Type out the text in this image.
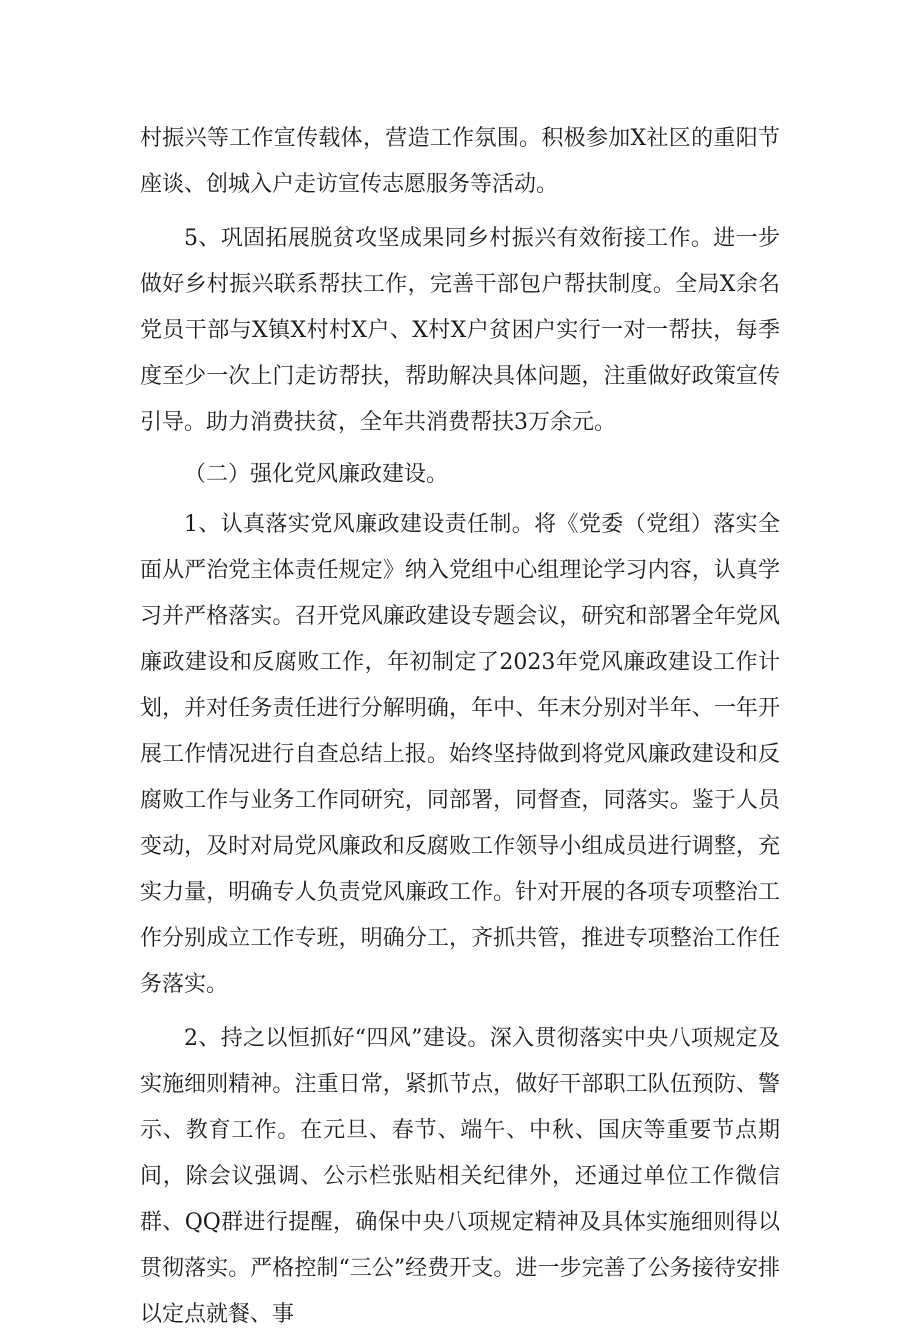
村振兴等工作宣传载体，营造工作氛围。积极参加X社区的重阳节座谈、创城入户走访宣传志愿服务等活动。

5、巩固拓展脱贫攻坚成果同乡村振兴有效衔接工作。进一步做好乡村振兴联系帮扶工作，完善干部包户帮扶制度。全局X余名党员干部与X镇X村村X户、X村X户贫困户实行一对一帮扶，每季度至少一次上门走访帮扶，帮助解决具体问题，注重做好政策宣传引导。助力消费扶贫，全年共消费帮扶3万余元。

（二）强化党风廉政建设。

1、认真落实党风廉政建设责任制。将《党委（党组）落实全面从严治党主体责任规定》纳入党组中心组理论学习内容，认真学习并严格落实。召开党风廉政建设专题会议，研究和部署全年党风廉政建设和反腐败工作，年初制定了2023年党风廉政建设工作计划，并对任务责任进行分解明确，年中、年末分别对半年、一年开展工作情况进行自查总结上报。始终坚持做到将党风廉政建设和反腐败工作与业务工作同研究，同部署，同督查，同落实。鉴于人员变动，及时对局党风廉政和反腐败工作领导小组成员进行调整，充实力量，明确专人负责党风廉政工作。针对开展的各项专项整治工作分别成立工作专班，明确分工，齐抓共管，推进专项整治工作任务落实。

2、持之以恒抓好“四风”建设。深入贯彻落实中央八项规定及实施细则精神。注重日常，紧抓节点，做好干部职工队伍预防、警示、教育工作。在元旦、春节、端午、中秋、国庆等重要节点期间，除会议强调、公示栏张贴相关纪律外，还通过单位工作微信群、QQ群进行提醒，确保中央八项规定精神及具体实施细则得以贯彻落实。严格控制“三公”经费开支。进一步完善了公务接待安排以定点就餐、事
